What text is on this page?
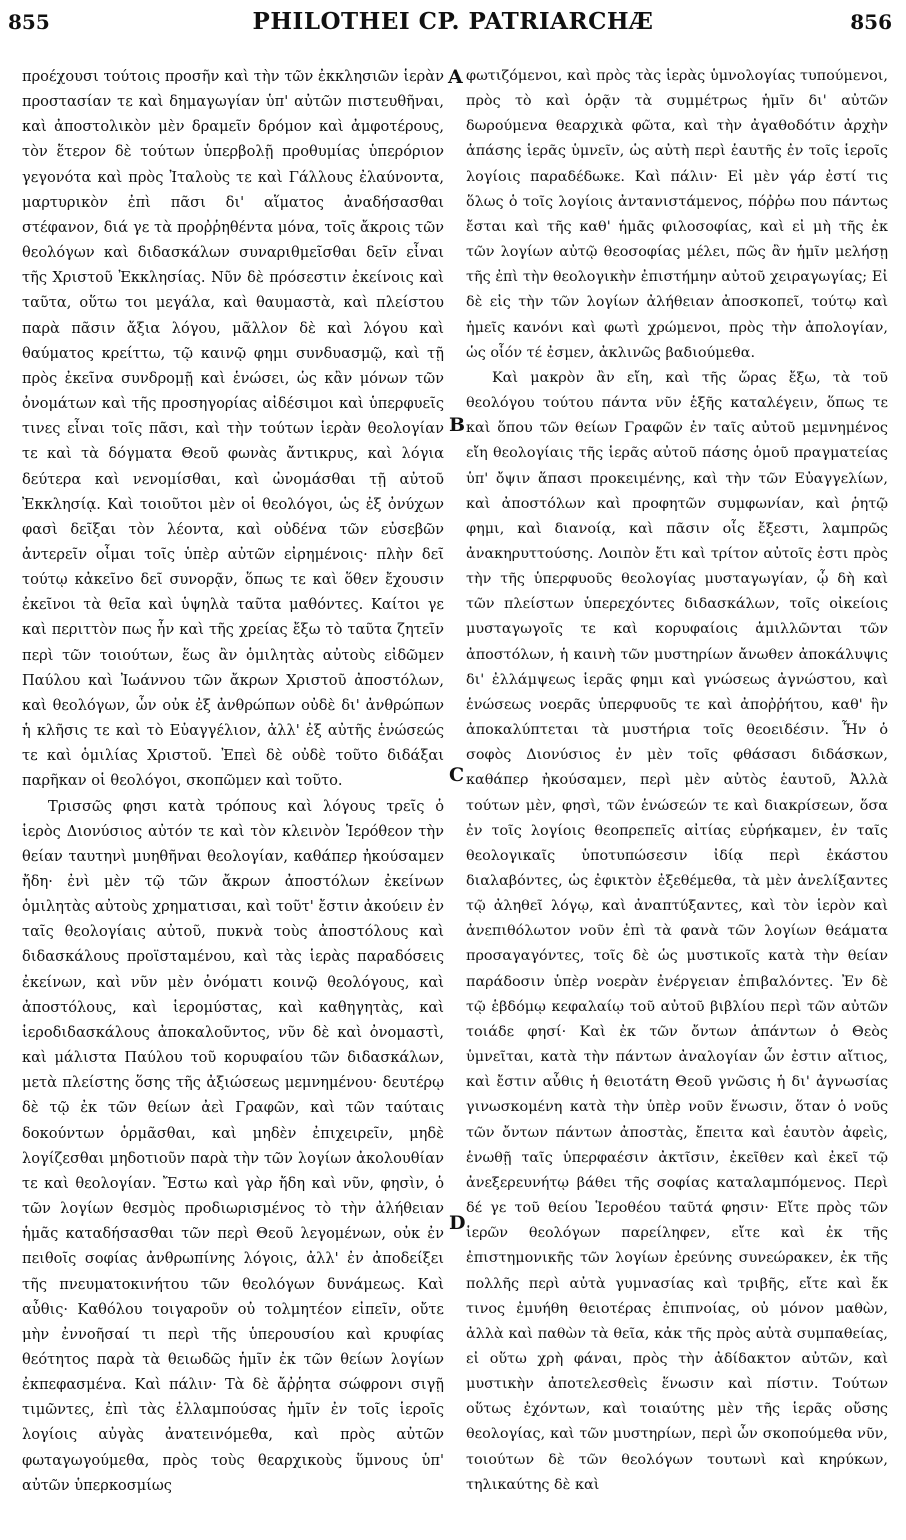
855	PHILOTHEI CP. PATRIARCHÆ	856

προέχουσι τούτοις προσῆν καὶ τὴν τῶν ἐκκλησιῶν ἱερὰν προστασίαν τε καὶ δημαγωγίαν ὑπ' αὐτῶν πιστευθῆναι, καὶ ἀποστολικὸν μὲν δραμεῖν δρόμον καὶ ἀμφοτέρους, τὸν ἕτερον δὲ τούτων ὑπερβολῇ προθυμίας ὑπερόριον γεγονότα καὶ πρὸς Ἰταλοὺς τε καὶ Γάλλους ἐλαύνοντα, μαρτυρικὸν ἐπὶ πᾶσι δι' αἵματος ἀναδήσασθαι στέφανον, διά γε τὰ προῤῥηθέντα μόνα, τοῖς ἄκροις τῶν θεολόγων καὶ διδασκάλων συναριθμεῖσθαι δεῖν εἶναι τῆς Χριστοῦ Ἐκκλησίας. Νῦν δὲ πρόσεστιν ἐκείνοις καὶ ταῦτα, οὕτω τοι μεγάλα, καὶ θαυμαστὰ, καὶ πλείστου παρὰ πᾶσιν ἄξια λόγου, μᾶλλον δὲ καὶ λόγου καὶ θαύματος κρείττω, τῷ καινῷ φημι συνδυασμῷ, καὶ τῇ πρὸς ἐκεῖνα συνδρομῇ καὶ ἑνώσει, ὡς κἂν μόνων τῶν ὀνομάτων καὶ τῆς προσηγορίας αἰδέσιμοι καὶ ὑπερφυεῖς τινες εἶναι τοῖς πᾶσι, καὶ τὴν τούτων ἱερὰν θεολογίαν τε καὶ τὰ δόγματα Θεοῦ φωνὰς ἄντικρυς, καὶ λόγια δεύτερα καὶ νενομίσθαι, καὶ ὠνομάσθαι τῇ αὐτοῦ Ἐκκλησίᾳ. Καὶ τοιοῦτοι μὲν οἱ θεολόγοι, ὡς ἐξ ὀνύχων φασὶ δεῖξαι τὸν λέοντα, καὶ οὐδένα τῶν εὐσεβῶν ἀντερεῖν οἶμαι τοῖς ὑπὲρ αὐτῶν εἰρημένοις· πλὴν δεῖ τούτῳ κἀκεῖνο δεῖ συνορᾷν, ὅπως τε καὶ ὅθεν ἔχουσιν ἐκεῖνοι τὰ θεῖα καὶ ὑψηλὰ ταῦτα μαθόντες. Καίτοι γε καὶ περιττὸν πως ἦν καὶ τῆς χρείας ἔξω τὸ ταῦτα ζητεῖν περὶ τῶν τοιούτων, ἕως ἂν ὁμιλητὰς αὐτοὺς εἰδῶμεν Παύλου καὶ Ἰωάννου τῶν ἄκρων Χριστοῦ ἀποστόλων, καὶ θεολόγων, ὧν οὐκ ἐξ ἀνθρώπων οὐδὲ δι' ἀνθρώπων ἡ κλῆσις τε καὶ τὸ Εὐαγγέλιον, ἀλλ' ἐξ αὐτῆς ἑνώσεώς τε καὶ ὁμιλίας Χριστοῦ. Ἐπεὶ δὲ οὐδὲ τοῦτο διδάξαι παρῆκαν οἱ θεολόγοι, σκοπῶμεν καὶ τοῦτο.

Τρισσῶς φησι κατὰ τρόπους καὶ λόγους τρεῖς ὁ ἱερὸς Διονύσιος αὐτόν τε καὶ τὸν κλεινὸν Ἱερόθεον τὴν θείαν ταυτηνὶ μυηθῆναι θεολογίαν, καθάπερ ἠκούσαμεν ἤδη· ἐνὶ μὲν τῷ τῶν ἄκρων ἀποστόλων ἐκείνων ὁμιλητὰς αὐτοὺς χρηματισαι, καὶ τοῦτ' ἔστιν ἀκούειν ἐν ταῖς θεολογίαις αὐτοῦ, πυκνὰ τοὺς ἀποστόλους καὶ διδασκάλους προϊσταμένου, καὶ τὰς ἱερὰς παραδόσεις ἐκείνων, καὶ νῦν μὲν ὀνόματι κοινῷ θεολόγους, καὶ ἀποστόλους, καὶ ἱερομύστας, καὶ καθηγητὰς, καὶ ἱεροδιδασκάλους ἀποκαλοῦντος, νῦν δὲ καὶ ὀνομαστὶ, καὶ μάλιστα Παύλου τοῦ κορυφαίου τῶν διδασκάλων, μετὰ πλείστης ὅσης τῆς ἀξιώσεως μεμνημένου· δευτέρῳ δὲ τῷ ἐκ τῶν θείων ἀεὶ Γραφῶν, καὶ τῶν ταύταις δοκούντων ὁρμᾶσθαι, καὶ μηδὲν ἐπιχειρεῖν, μηδὲ λογίζεσθαι μηδοτιοῦν παρὰ τὴν τῶν λογίων ἀκολουθίαν τε καὶ θεολογίαν. Ἔστω καὶ γὰρ ἤδη καὶ νῦν, φησὶν, ὁ τῶν λογίων θεσμὸς προδιωρισμένος τὸ τὴν ἀλήθειαν ἡμᾶς καταδήσασθαι τῶν περὶ Θεοῦ λεγομένων, οὐκ ἐν πειθοῖς σοφίας ἀνθρωπίνης λόγοις, ἀλλ' ἐν ἀποδείξει τῆς πνευματοκινήτου τῶν θεολόγων δυνάμεως. Καὶ αὖθις· Καθόλου τοιγαροῦν οὐ τολμητέον εἰπεῖν, οὔτε μὴν ἐννοῆσαί τι περὶ τῆς ὑπερουσίου καὶ κρυφίας θεότητος παρὰ τὰ θειωδῶς ἡμῖν ἐκ τῶν θείων λογίων ἐκπεφασμένα. Καὶ πάλιν· Τὰ δὲ ἄῤῥητα σώφρονι σιγῇ τιμῶντες, ἐπὶ τὰς ἐλλαμπούσας ἡμῖν ἐν τοῖς ἱεροῖς λογίοις αὐγὰς ἀνατεινόμεθα, καὶ πρὸς αὐτῶν φωταγωγούμεθα, πρὸς τοὺς θεαρχικοὺς ὕμνους ὑπ' αὐτῶν ὑπερκοσμίως

A
B
C
D

φωτιζόμενοι, καὶ πρὸς τὰς ἱερὰς ὑμνολογίας τυπούμενοι, πρὸς τὸ καὶ ὁρᾷν τὰ συμμέτρως ἡμῖν δι' αὐτῶν δωρούμενα θεαρχικὰ φῶτα, καὶ τὴν ἀγαθοδότιν ἀρχὴν ἁπάσης ἱερᾶς ὑμνεῖν, ὡς αὐτὴ περὶ ἑαυτῆς ἐν τοῖς ἱεροῖς λογίοις παραδέδωκε. Καὶ πάλιν· Εἰ μὲν γάρ ἐστί τις ὅλως ὁ τοῖς λογίοις ἀντανιστάμενος, πόῤῥω που πάντως ἔσται καὶ τῆς καθ' ἡμᾶς φιλοσοφίας, καὶ εἰ μὴ τῆς ἐκ τῶν λογίων αὐτῷ θεοσοφίας μέλει, πῶς ἂν ἡμῖν μελήσῃ τῆς ἐπὶ τὴν θεολογικὴν ἐπιστήμην αὐτοῦ χειραγωγίας; Εἰ δὲ εἰς τὴν τῶν λογίων ἀλήθειαν ἀποσκοπεῖ, τούτῳ καὶ ἡμεῖς κανόνι καὶ φωτὶ χρώμενοι, πρὸς τὴν ἀπολογίαν, ὡς οἷόν τέ ἐσμεν, ἀκλινῶς βαδιούμεθα.

Καὶ μακρὸν ἂν εἴη, καὶ τῆς ὥρας ἔξω, τὰ τοῦ θεολόγου τούτου πάντα νῦν ἑξῆς καταλέγειν, ὅπως τε καὶ ὅπου τῶν θείων Γραφῶν ἐν ταῖς αὐτοῦ μεμνημένος εἴη θεολογίαις τῆς ἱερᾶς αὐτοῦ πάσης ὁμοῦ πραγματείας ὑπ' ὄψιν ἅπασι προκειμένης, καὶ τὴν τῶν Εὐαγγελίων, καὶ ἀποστόλων καὶ προφητῶν συμφωνίαν, καὶ ῥητῷ φημι, καὶ διανοίᾳ, καὶ πᾶσιν οἷς ἔξεστι, λαμπρῶς ἀνακηρυττούσης. Λοιπὸν ἔτι καὶ τρίτον αὐτοῖς ἐστι πρὸς τὴν τῆς ὑπερφυοῦς θεολογίας μυσταγωγίαν, ᾧ δὴ καὶ τῶν πλείστων ὑπερεχόντες διδασκάλων, τοῖς οἰκείοις μυσταγωγοῖς τε καὶ κορυφαίοις ἁμιλλῶνται τῶν ἀποστόλων, ἡ καινὴ τῶν μυστηρίων ἄνωθεν ἀποκάλυψις δι' ἐλλάμψεως ἱερᾶς φημι καὶ γνώσεως ἀγνώστου, καὶ ἑνώσεως νοερᾶς ὑπερφυοῦς τε καὶ ἀποῤῥήτου, καθ' ἣν ἀποκαλύπτεται τὰ μυστήρια τοῖς θεοειδέσιν. Ἦν ὁ σοφὸς Διονύσιος ἐν μὲν τοῖς φθάσασι διδάσκων, καθάπερ ἠκούσαμεν, περὶ μὲν αὐτὸς ἑαυτοῦ, Ἀλλὰ τούτων μὲν, φησὶ, τῶν ἑνώσεών τε καὶ διακρίσεων, ὅσα ἐν τοῖς λογίοις θεοπρεπεῖς αἰτίας εὑρήκαμεν, ἐν ταῖς θεολογικαῖς ὑποτυπώσεσιν ἰδίᾳ περὶ ἑκάστου διαλαβόντες, ὡς ἐφικτὸν ἐξεθέμεθα, τὰ μὲν ἀνελίξαντες τῷ ἀληθεῖ λόγῳ, καὶ ἀναπτύξαντες, καὶ τὸν ἱερὸν καὶ ἀνεπιθόλωτον νοῦν ἐπὶ τὰ φανὰ τῶν λογίων θεάματα προσαγαγόντες, τοῖς δὲ ὡς μυστικοῖς κατὰ τὴν θείαν παράδοσιν ὑπὲρ νοερὰν ἐνέργειαν ἐπιβαλόντες. Ἐν δὲ τῷ ἑβδόμῳ κεφαλαίῳ τοῦ αὐτοῦ βιβλίου περὶ τῶν αὐτῶν τοιάδε φησί· Καὶ ἐκ τῶν ὄντων ἁπάντων ὁ Θεὸς ὑμνεῖται, κατὰ τὴν πάντων ἀναλογίαν ὧν ἐστιν αἴτιος, καὶ ἔστιν αὖθις ἡ θειοτάτη Θεοῦ γνῶσις ἡ δι' ἀγνωσίας γινωσκομένη κατὰ τὴν ὑπὲρ νοῦν ἕνωσιν, ὅταν ὁ νοῦς τῶν ὄντων πάντων ἀποστὰς, ἔπειτα καὶ ἑαυτὸν ἀφεὶς, ἑνωθῇ ταῖς ὑπερφαέσιν ἀκτῖσιν, ἐκεῖθεν καὶ ἐκεῖ τῷ ἀνεξερευνήτῳ βάθει τῆς σοφίας καταλαμπόμενος. Περὶ δέ γε τοῦ θείου Ἱεροθέου ταῦτά φησιν· Εἴτε πρὸς τῶν ἱερῶν θεολόγων παρείληφεν, εἴτε καὶ ἐκ τῆς ἐπιστημονικῆς τῶν λογίων ἐρεύνης συνεώρακεν, ἐκ τῆς πολλῆς περὶ αὐτὰ γυμνασίας καὶ τριβῆς, εἴτε καὶ ἔκ τινος ἐμυήθη θειοτέρας ἐπιπνοίας, οὐ μόνον μαθὼν, ἀλλὰ καὶ παθὼν τὰ θεῖα, κἀκ τῆς πρὸς αὐτὰ συμπαθείας, εἰ οὕτω χρὴ φάναι, πρὸς τὴν ἀδίδακτον αὐτῶν, καὶ μυστικὴν ἀποτελεσθεὶς ἕνωσιν καὶ πίστιν. Τούτων οὕτως ἐχόντων, καὶ τοιαύτης μὲν τῆς ἱερᾶς οὔσης θεολογίας, καὶ τῶν μυστηρίων, περὶ ὧν σκοπούμεθα νῦν, τοιούτων δὲ τῶν θεολόγων τουτωνὶ καὶ κηρύκων, τηλικαύτης δὲ καὶ
